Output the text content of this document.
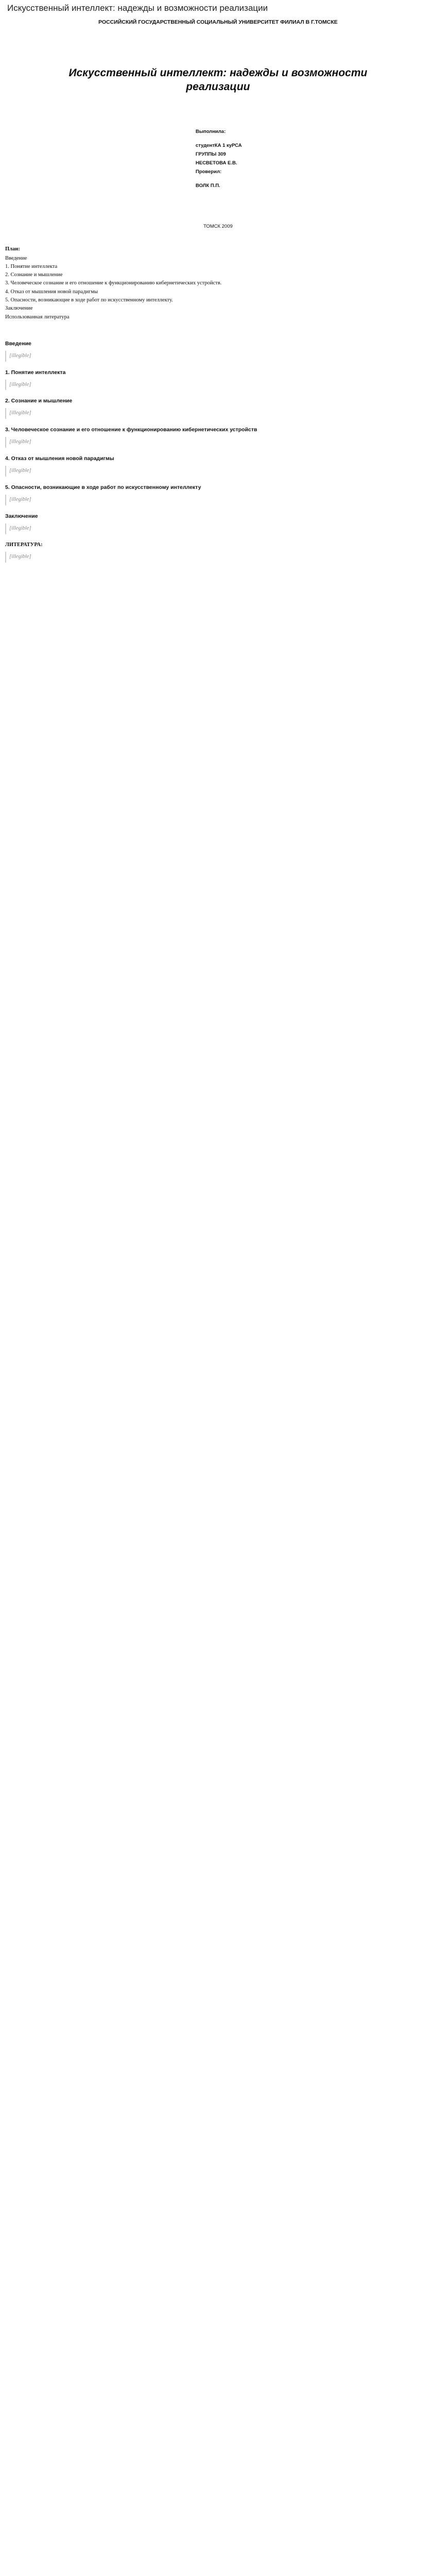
Искусственный интеллект: надежды и возможности реализации
РОССИЙСКИЙ ГОСУДАРСТВЕННЫЙ СОЦИАЛЬНЫЙ УНИВЕРСИТЕТ ФИЛИАЛ В Г.ТОМСКЕ
Искусственный интеллект: надежды и возможности реализации
Выполнила:
студентКА 1 куРСА
ГРУППЫ 309
НЕСВЕТОВА Е.В.
Проверил:
ВОЛК П.П.
ТОМСК 2009
План:
Введение
1. Понятие интеллекта
2. Сознание и мышление
3. Человеческое сознание и его отношение к функционированию кибернетических устройств.
4. Отказ от мышления новой парадигмы
5. Опасности, возникающие в ходе работ по искусственному интеллекту.
Заключение
Использованная литература
Введение
[illegible]
1. Понятие интеллекта
[illegible]
2. Сознание и мышление
[illegible]
3. Человеческое сознание и его отношение к функционированию кибернетических устройств
[illegible]
4. Отказ от мышления новой парадигмы
[illegible]
5. Опасности, возникающие в ходе работ по искусственному интеллекту
[illegible]
Заключение
[illegible]
ЛИТЕРАТУРА:
[illegible]
